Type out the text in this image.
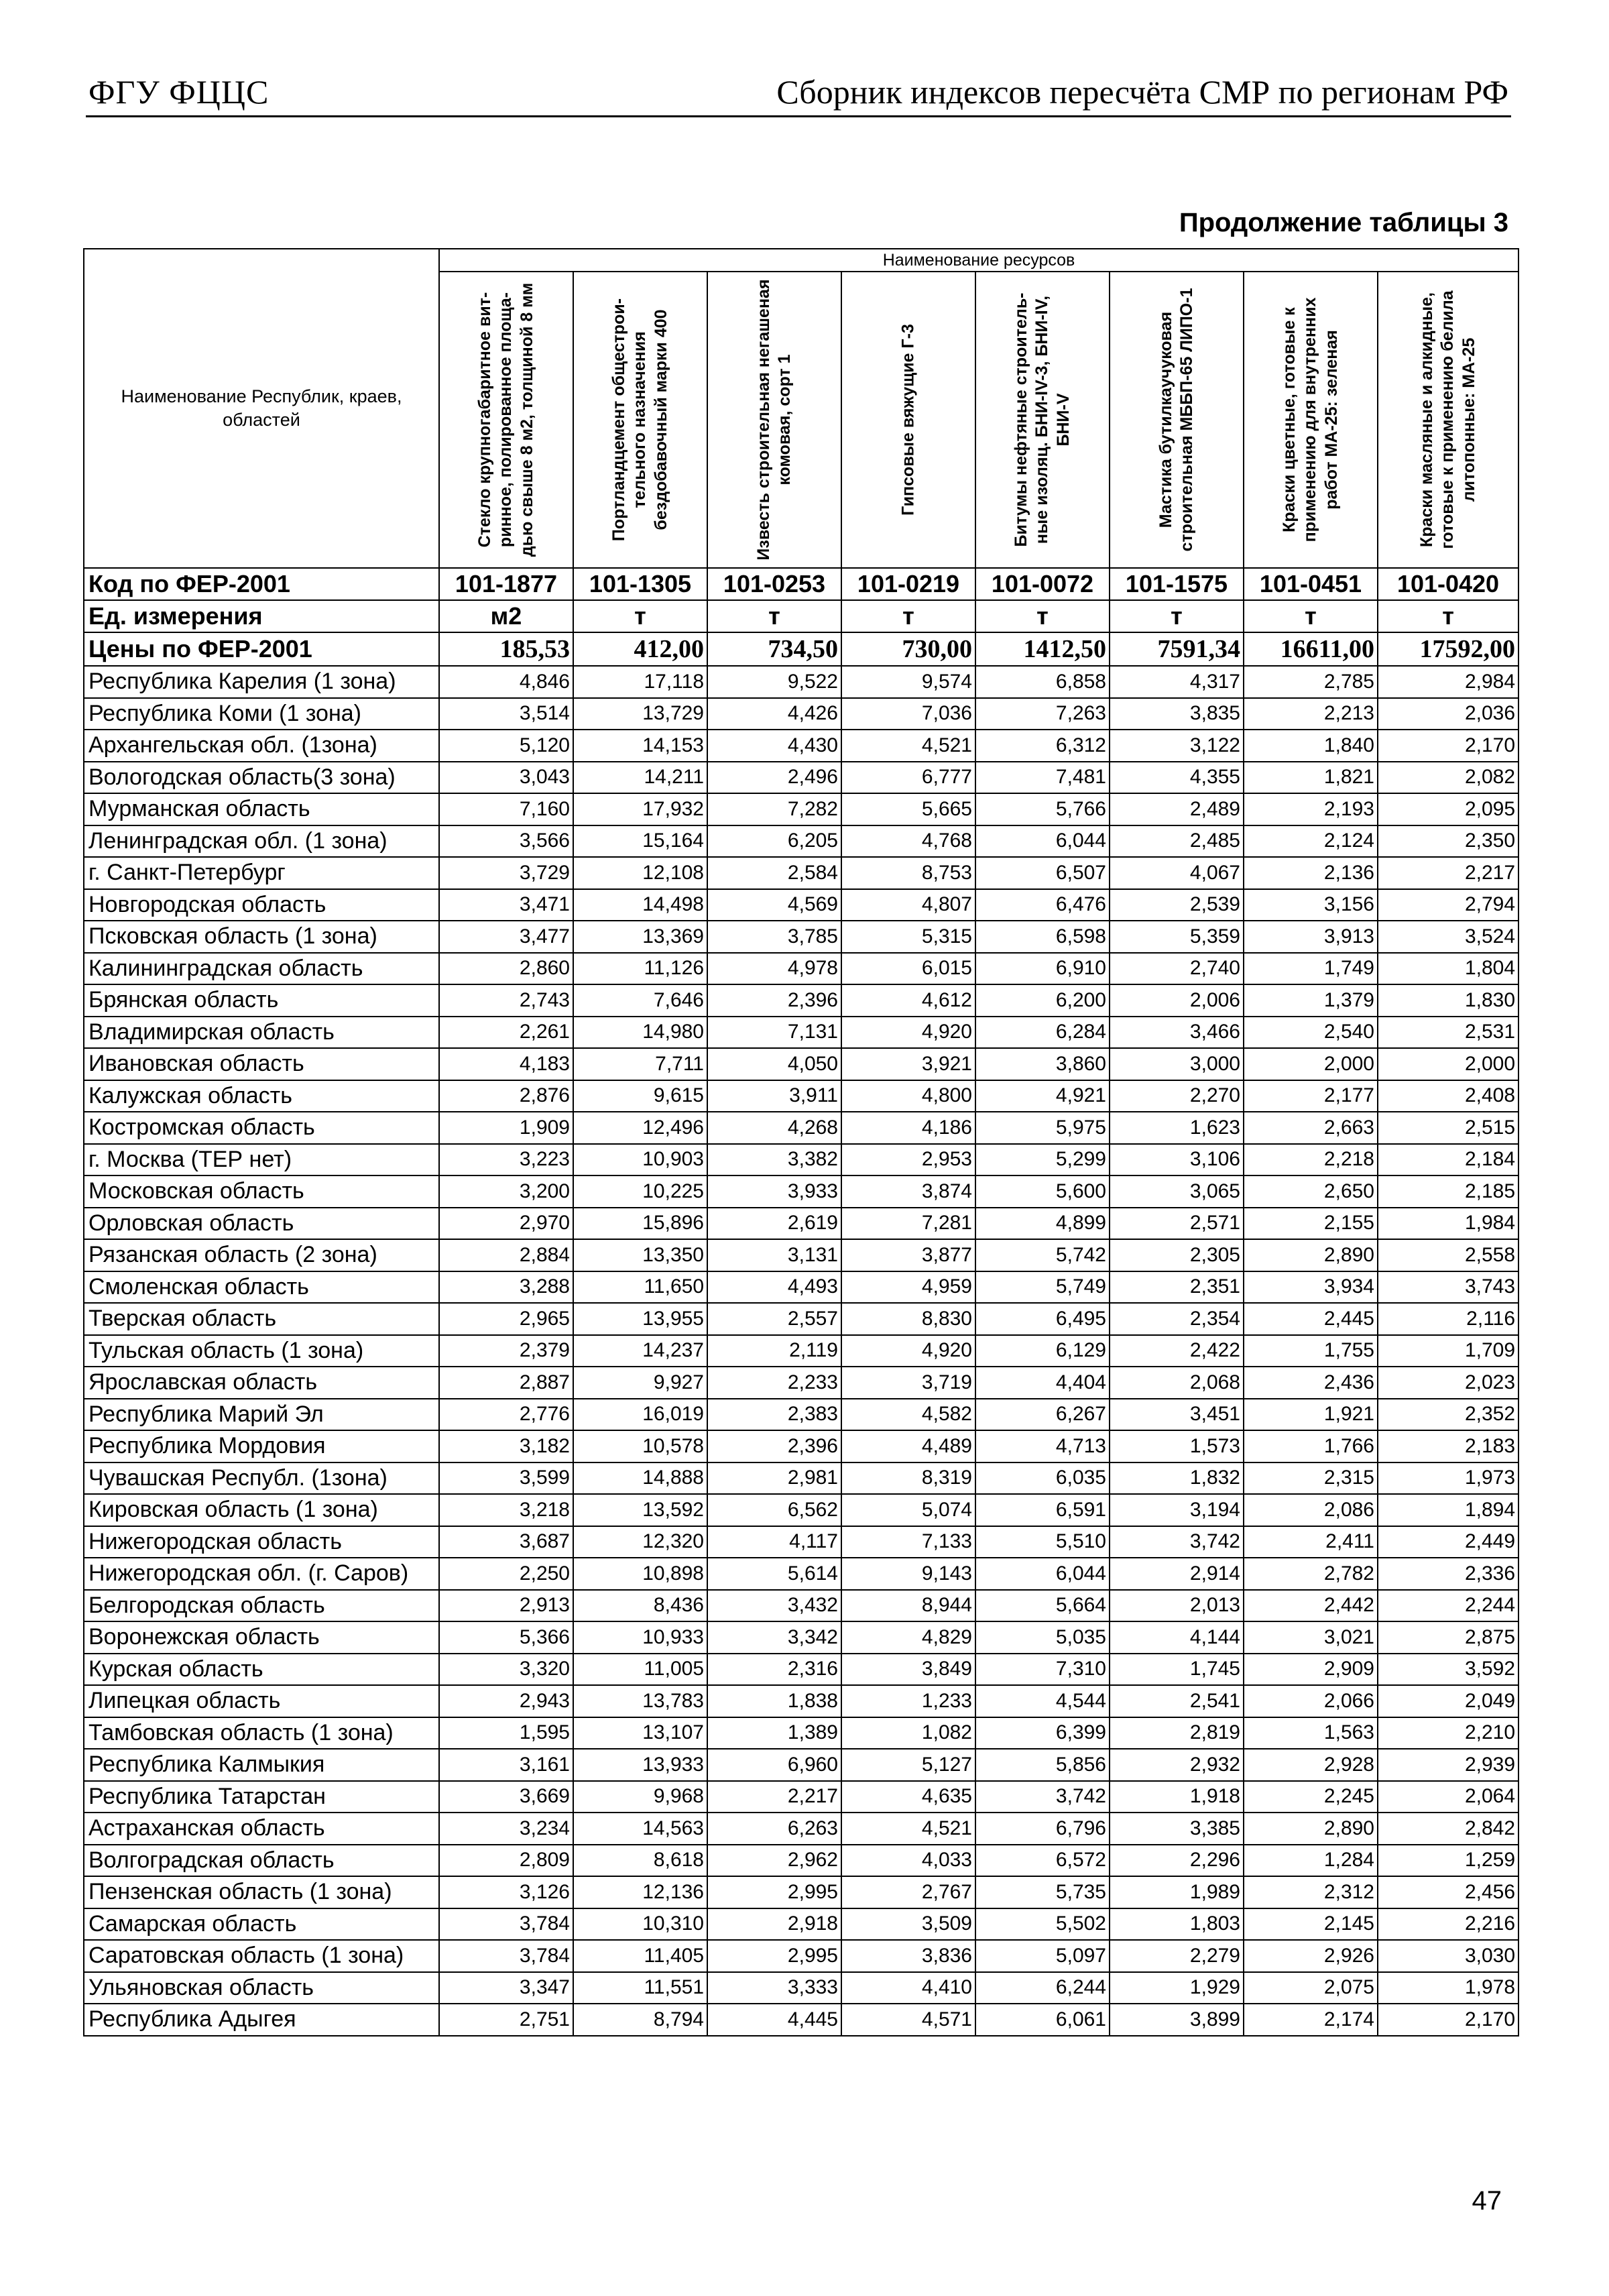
ФГУ ФЦЦС	Сборник индексов пересчёта СМР по регионам РФ
Продолжение таблицы 3
Наименование Республик, краев, областей	Наименование ресурсов							

	Стекло крупногабаритное вит-ринное, полированное площа-дью свыше 8 м2, толщиной 8 мм	Портландцемент общестрои-тельного назначения бездобавочный марки 400	Известь строительная негашеная комовая, сорт 1	Гипсовые вяжущие Г-3	Битумы нефтяные строитель-ные изоляц. БНИ-IV-3, БНИ-IV, БНИ-V	Мастика бутилкаучуковая строительная МББП-65 ЛИПО-1	Краски цветные, готовые к применению для внутренних работ МА-25: зеленая	Краски масляные и алкидные, готовые к применению белила литопонные: МА-25

Код по ФЕР-2001	101-1877	101-1305	101-0253	101-0219	101-0072	101-1575	101-0451	101-0420
Ед. измерения	м2	т	т	т	т	т	т	т
Цены по ФЕР-2001	185,53	412,00	734,50	730,00	1412,50	7591,34	16611,00	17592,00
Республика Карелия (1 зона)	4,846	17,118	9,522	9,574	6,858	4,317	2,785	2,984
Республика Коми (1 зона)	3,514	13,729	4,426	7,036	7,263	3,835	2,213	2,036
Архангельская обл. (1зона)	5,120	14,153	4,430	4,521	6,312	3,122	1,840	2,170
Вологодская область(3 зона)	3,043	14,211	2,496	6,777	7,481	4,355	1,821	2,082
Мурманская область	7,160	17,932	7,282	5,665	5,766	2,489	2,193	2,095
Ленинградская обл. (1 зона)	3,566	15,164	6,205	4,768	6,044	2,485	2,124	2,350
г. Санкт-Петербург	3,729	12,108	2,584	8,753	6,507	4,067	2,136	2,217
Новгородская область	3,471	14,498	4,569	4,807	6,476	2,539	3,156	2,794
Псковская область (1 зона)	3,477	13,369	3,785	5,315	6,598	5,359	3,913	3,524
Калининградская область	2,860	11,126	4,978	6,015	6,910	2,740	1,749	1,804
Брянская область	2,743	7,646	2,396	4,612	6,200	2,006	1,379	1,830
Владимирская область	2,261	14,980	7,131	4,920	6,284	3,466	2,540	2,531
Ивановская область	4,183	7,711	4,050	3,921	3,860	3,000	2,000	2,000
Калужская область	2,876	9,615	3,911	4,800	4,921	2,270	2,177	2,408
Костромская область	1,909	12,496	4,268	4,186	5,975	1,623	2,663	2,515
г. Москва (ТЕР нет)	3,223	10,903	3,382	2,953	5,299	3,106	2,218	2,184
Московская область	3,200	10,225	3,933	3,874	5,600	3,065	2,650	2,185
Орловская область	2,970	15,896	2,619	7,281	4,899	2,571	2,155	1,984
Рязанская область (2 зона)	2,884	13,350	3,131	3,877	5,742	2,305	2,890	2,558
Смоленская область	3,288	11,650	4,493	4,959	5,749	2,351	3,934	3,743
Тверская область	2,965	13,955	2,557	8,830	6,495	2,354	2,445	2,116
Тульская область (1 зона)	2,379	14,237	2,119	4,920	6,129	2,422	1,755	1,709
Ярославская область	2,887	9,927	2,233	3,719	4,404	2,068	2,436	2,023
Республика Марий Эл	2,776	16,019	2,383	4,582	6,267	3,451	1,921	2,352
Республика Мордовия	3,182	10,578	2,396	4,489	4,713	1,573	1,766	2,183
Чувашская Республ. (1зона)	3,599	14,888	2,981	8,319	6,035	1,832	2,315	1,973
Кировская область (1 зона)	3,218	13,592	6,562	5,074	6,591	3,194	2,086	1,894
Нижегородская область	3,687	12,320	4,117	7,133	5,510	3,742	2,411	2,449
Нижегородская обл. (г. Саров)	2,250	10,898	5,614	9,143	6,044	2,914	2,782	2,336
Белгородская область	2,913	8,436	3,432	8,944	5,664	2,013	2,442	2,244
Воронежская область	5,366	10,933	3,342	4,829	5,035	4,144	3,021	2,875
Курская область	3,320	11,005	2,316	3,849	7,310	1,745	2,909	3,592
Липецкая область	2,943	13,783	1,838	1,233	4,544	2,541	2,066	2,049
Тамбовская область (1 зона)	1,595	13,107	1,389	1,082	6,399	2,819	1,563	2,210
Республика Калмыкия	3,161	13,933	6,960	5,127	5,856	2,932	2,928	2,939
Республика Татарстан	3,669	9,968	2,217	4,635	3,742	1,918	2,245	2,064
Астраханская область	3,234	14,563	6,263	4,521	6,796	3,385	2,890	2,842
Волгоградская область	2,809	8,618	2,962	4,033	6,572	2,296	1,284	1,259
Пензенская область (1 зона)	3,126	12,136	2,995	2,767	5,735	1,989	2,312	2,456
Самарская область	3,784	10,310	2,918	3,509	5,502	1,803	2,145	2,216
Саратовская область (1 зона)	3,784	11,405	2,995	3,836	5,097	2,279	2,926	3,030
Ульяновская область	3,347	11,551	3,333	4,410	6,244	1,929	2,075	1,978
Республика Адыгея	2,751	8,794	4,445	4,571	6,061	3,899	2,174	2,170
47
